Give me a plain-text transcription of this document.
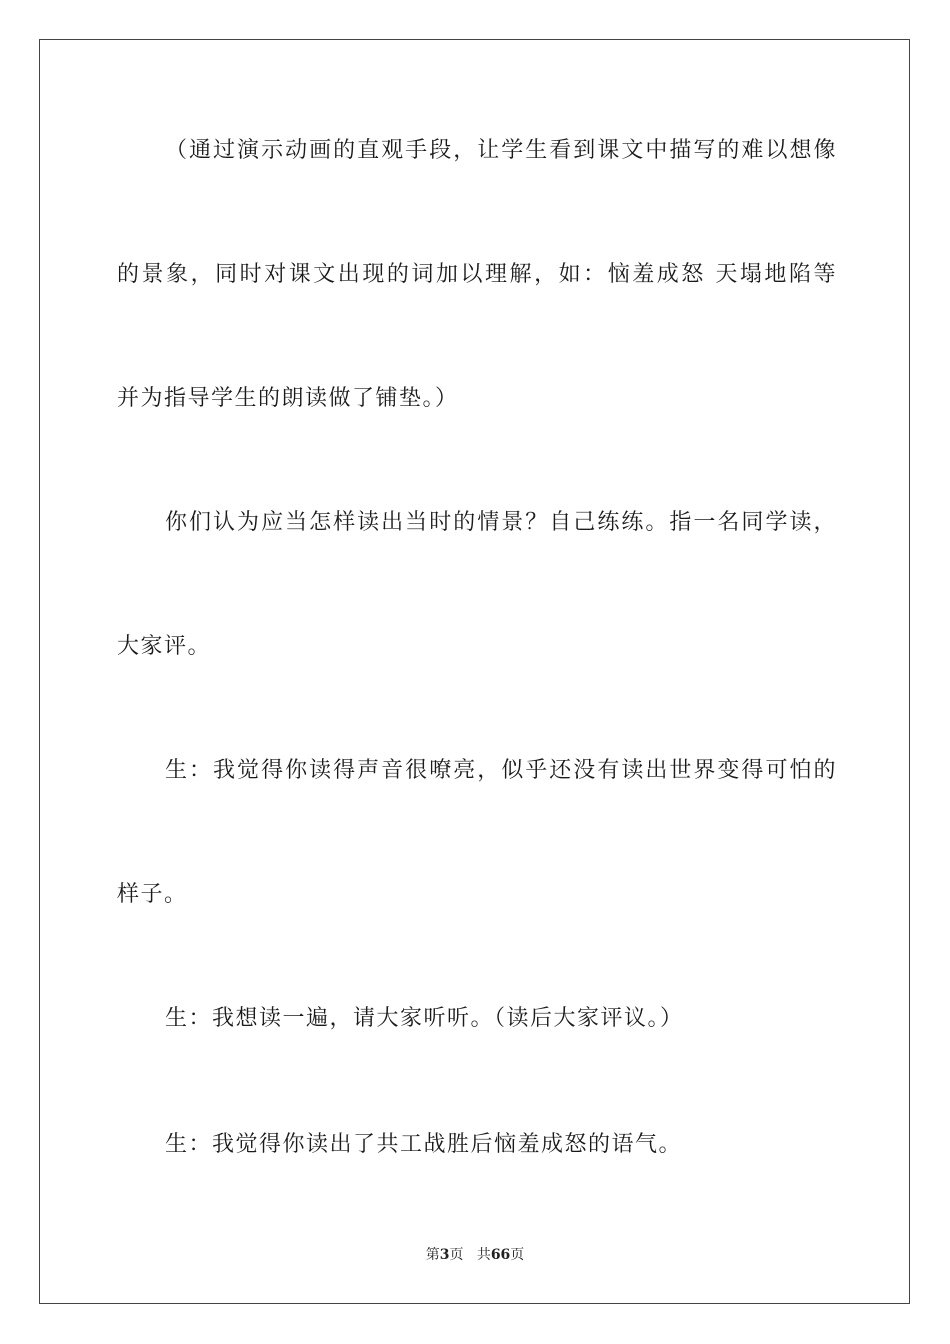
（通过演示动画的直观手段，让学生看到课文中描写的难以想像

的景象，同时对课文出现的词加以理解，如：恼羞成怒 天塌地陷等

并为指导学生的朗读做了铺垫。）

你们认为应当怎样读出当时的情景？自己练练。指一名同学读，

大家评。

生：我觉得你读得声音很嘹亮，似乎还没有读出世界变得可怕的

样子。

生：我想读一遍，请大家听听。（读后大家评议。）

生：我觉得你读出了共工战胜后恼羞成怒的语气。

第3页 共66页
